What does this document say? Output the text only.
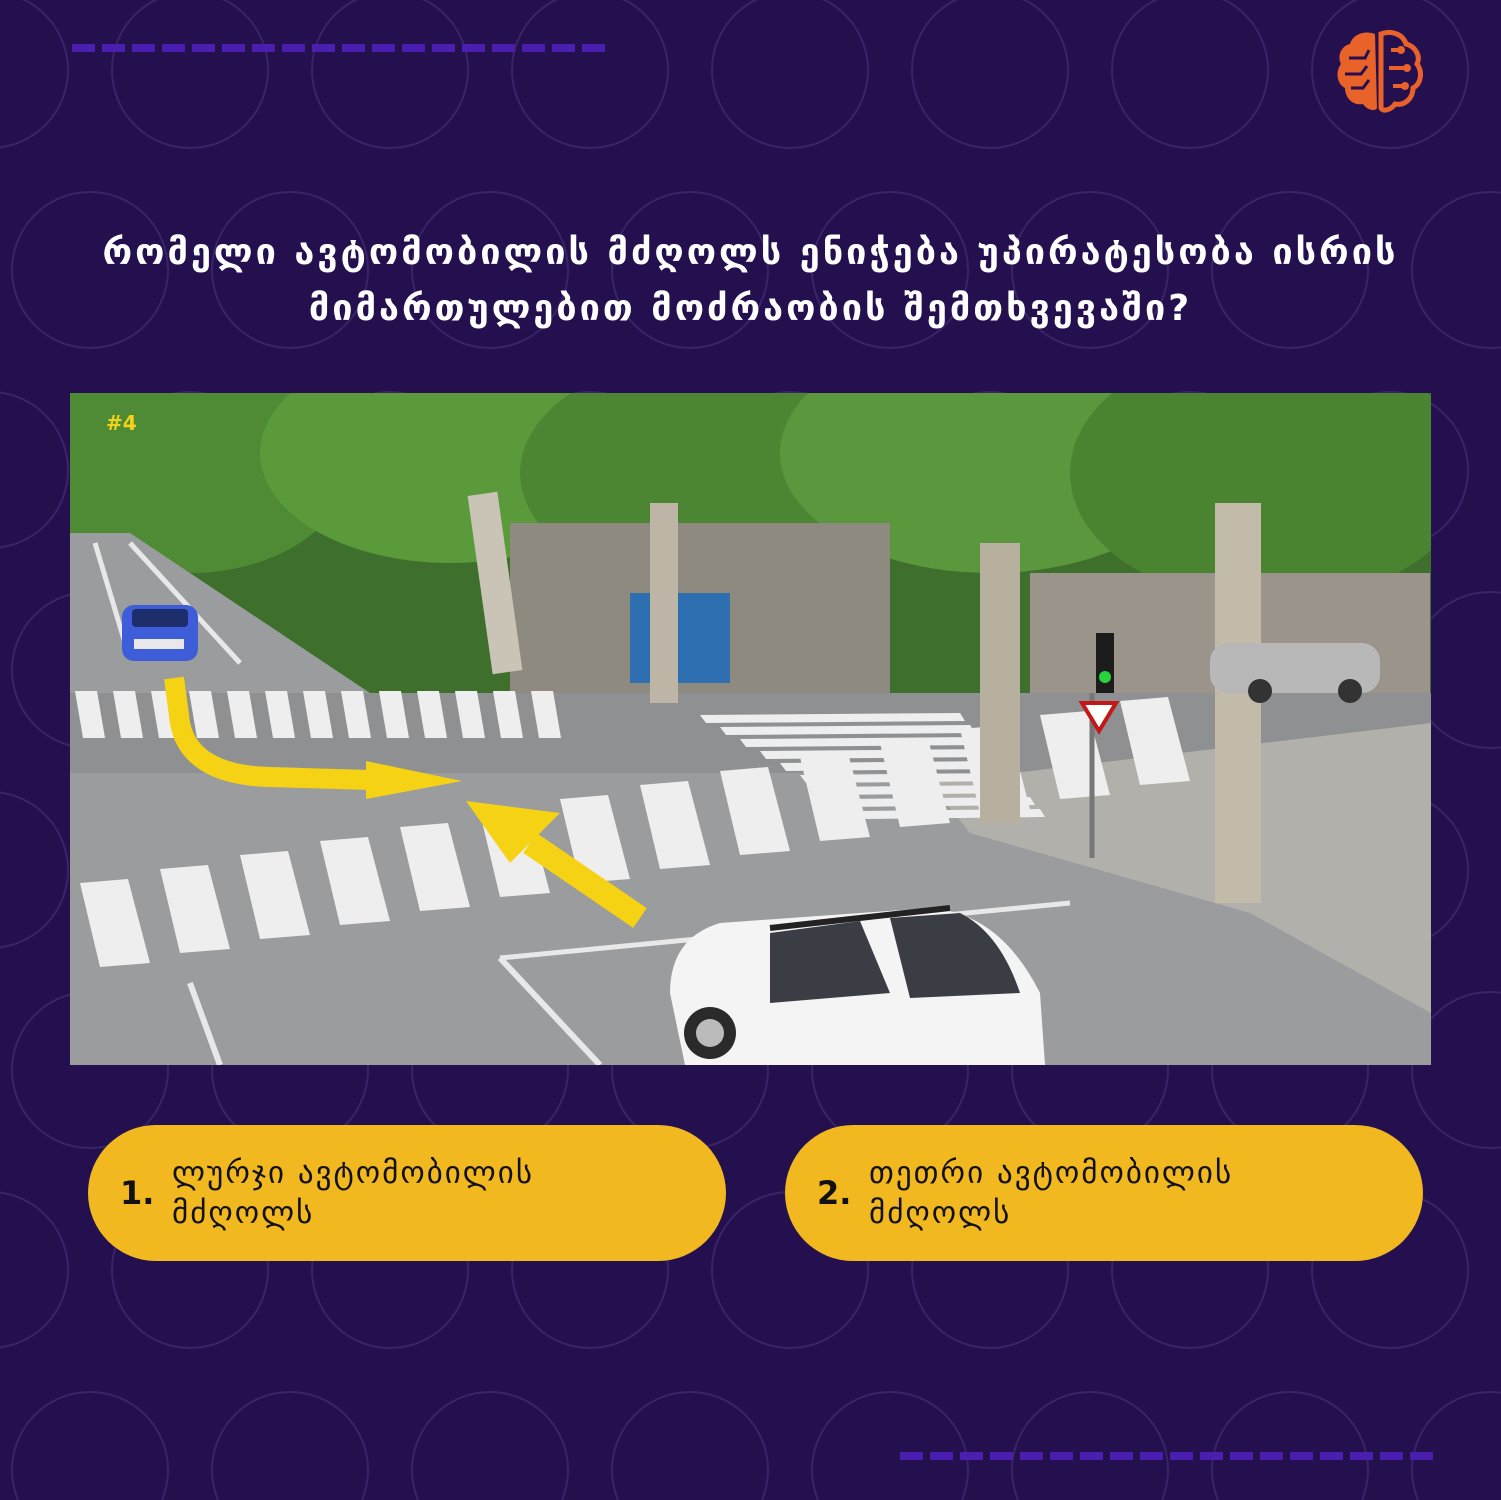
რომელი ავტომობილის მძღოლს ენიჭება უპირატესობა ისრის
მიმართულებით მოძრაობის შემთხვევაში?
#4
1.
ლურჯი ავტომობილის
მძღოლს
2.
თეთრი ავტომობილის
მძღოლს
